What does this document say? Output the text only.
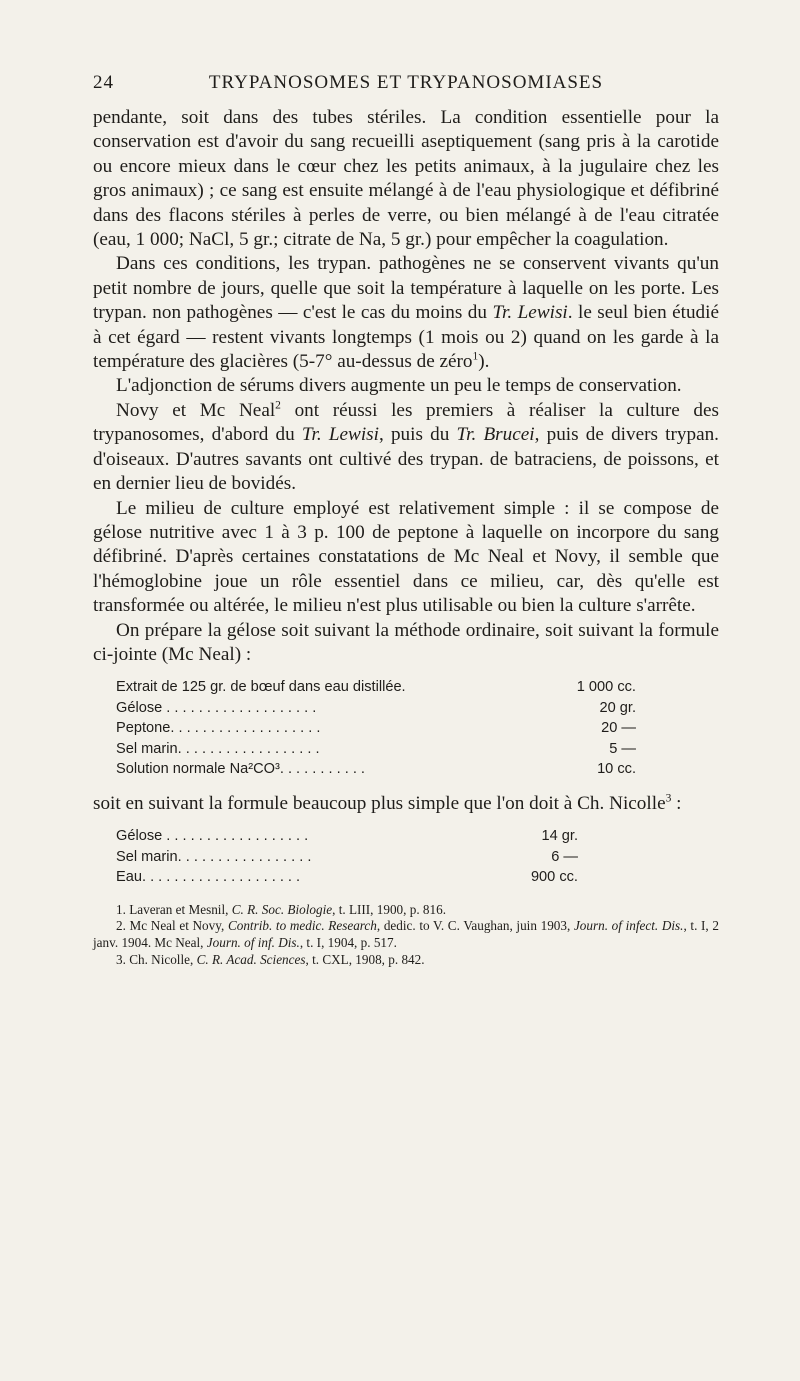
24	TRYPANOSOMES ET TRYPANOSOMIASES

pendante, soit dans des tubes stériles. La condition essentielle pour la conservation est d'avoir du sang recueilli aseptiquement (sang pris à la carotide ou encore mieux dans le cœur chez les petits animaux, à la jugulaire chez les gros animaux) ; ce sang est ensuite mélangé à de l'eau physiologique et défibriné dans des flacons stériles à perles de verre, ou bien mélangé à de l'eau citratée (eau, 1 000; NaCl, 5 gr.; citrate de Na, 5 gr.) pour empêcher la coagulation.

Dans ces conditions, les trypan. pathogènes ne se conservent vivants qu'un petit nombre de jours, quelle que soit la température à laquelle on les porte. Les trypan. non pathogènes — c'est le cas du moins du Tr. Lewisi. le seul bien étudié à cet égard — restent vivants longtemps (1 mois ou 2) quand on les garde à la température des glacières (5-7° au-dessus de zéro$^1$).

L'adjonction de sérums divers augmente un peu le temps de conservation.

Novy et Mc Neal$^2$ ont réussi les premiers à réaliser la culture des trypanosomes, d'abord du Tr. Lewisi, puis du Tr. Brucei, puis de divers trypan. d'oiseaux. D'autres savants ont cultivé des trypan. de batraciens, de poissons, et en dernier lieu de bovidés.

Le milieu de culture employé est relativement simple : il se compose de gélose nutritive avec 1 à 3 p. 100 de peptone à laquelle on incorpore du sang défibriné. D'après certaines constatations de Mc Neal et Novy, il semble que l'hémoglobine joue un rôle essentiel dans ce milieu, car, dès qu'elle est transformée ou altérée, le milieu n'est plus utilisable ou bien la culture s'arrête.

On prépare la gélose soit suivant la méthode ordinaire, soit suivant la formule ci-jointe (Mc Neal) :

Extrait de 125 gr. de bœuf dans eau distillée.	1 000 cc.
Gélose . . . . . . . . . . . . . . . . . . .	20 gr.
Peptone. . . . . . . . . . . . . . . . . . .	20 —
Sel marin. . . . . . . . . . . . . . . . . .	5 —
Solution normale Na²CO³. . . . . . . . . . .	10 cc.

soit en suivant la formule beaucoup plus simple que l'on doit à Ch. Nicolle$^3$ :

Gélose . . . . . . . . . . . . . . . . . .	14 gr.
Sel marin. . . . . . . . . . . . . . . . .	6 —
Eau. . . . . . . . . . . . . . . . . . . .	900 cc.

1. Laveran et Mesnil, C. R. Soc. Biologie, t. LIII, 1900, p. 816.

2. Mc Neal et Novy, Contrib. to medic. Research, dedic. to V. C. Vaughan, juin 1903, Journ. of infect. Dis., t. I, 2 janv. 1904. Mc Neal, Journ. of inf. Dis., t. I, 1904, p. 517.

3. Ch. Nicolle, C. R. Acad. Sciences, t. CXL, 1908, p. 842.
